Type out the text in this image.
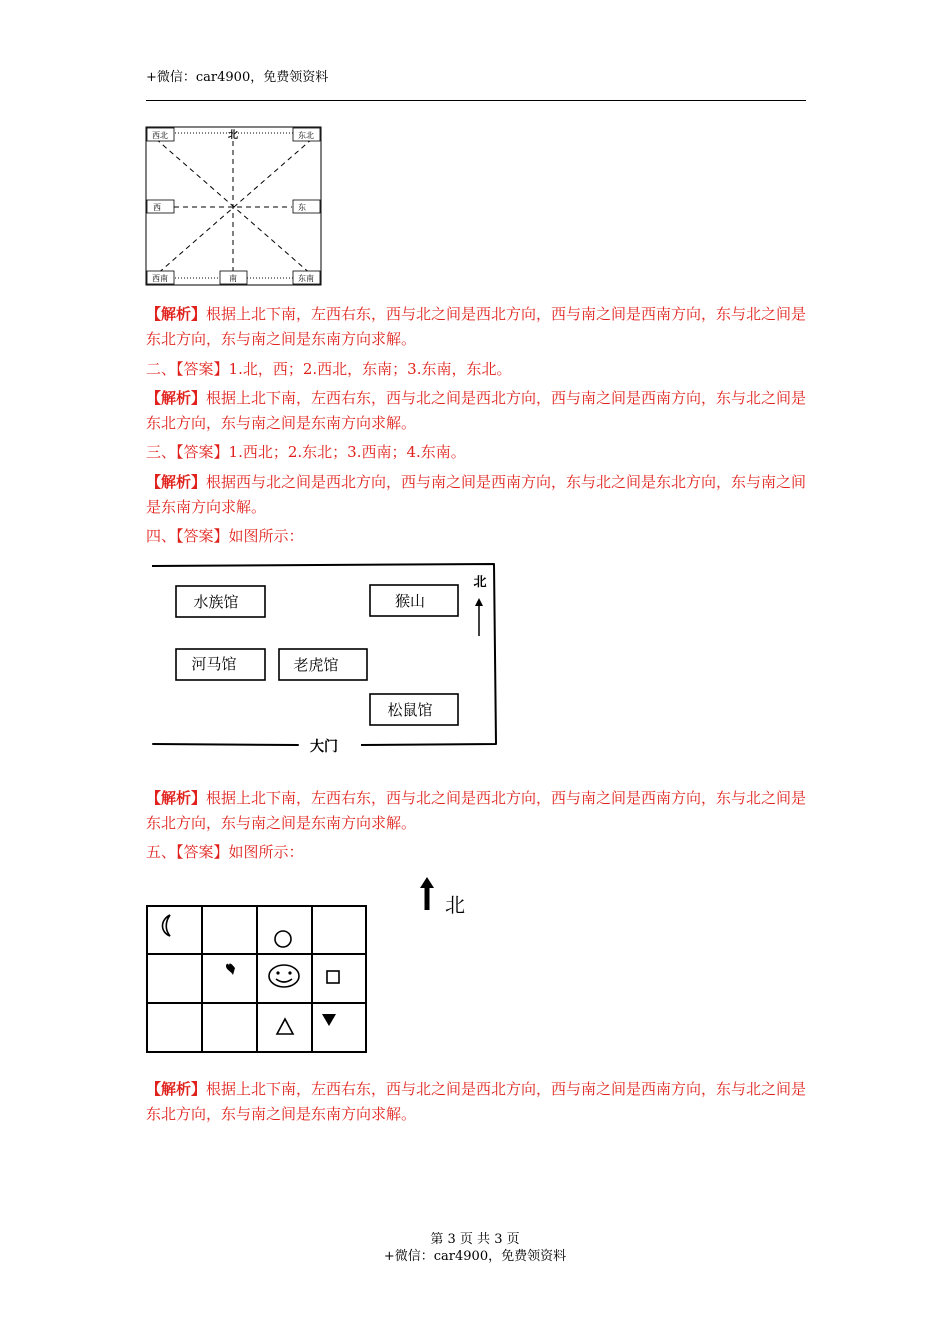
+微信：car4900，免费领资料
北
西北	东北
西	东
西南	南	东南

【解析】根据上北下南，左西右东，西与北之间是西北方向，西与南之间是西南方向，东与北之间是东北方向，东与南之间是东南方向求解。

二、【答案】1.北，西；2.西北，东南；3.东南，东北。

【解析】根据上北下南，左西右东，西与北之间是西北方向，西与南之间是西南方向，东与北之间是东北方向，东与南之间是东南方向求解。

三、【答案】1.西北；2.东北；3.西南；4.东南。

【解析】根据西与北之间是西北方向，西与南之间是西南方向，东与北之间是东北方向，东与南之间是东南方向求解。

四、【答案】如图所示：

水族馆	猴山
河马馆	老虎馆
松鼠馆
大门
北

【解析】根据上北下南，左西右东，西与北之间是西北方向，西与南之间是西南方向，东与北之间是东北方向，东与南之间是东南方向求解。

五、【答案】如图所示：

北

【解析】根据上北下南，左西右东，西与北之间是西北方向，西与南之间是西南方向，东与北之间是东北方向，东与南之间是东南方向求解。

第 3 页 共 3 页
+微信：car4900，免费领资料
